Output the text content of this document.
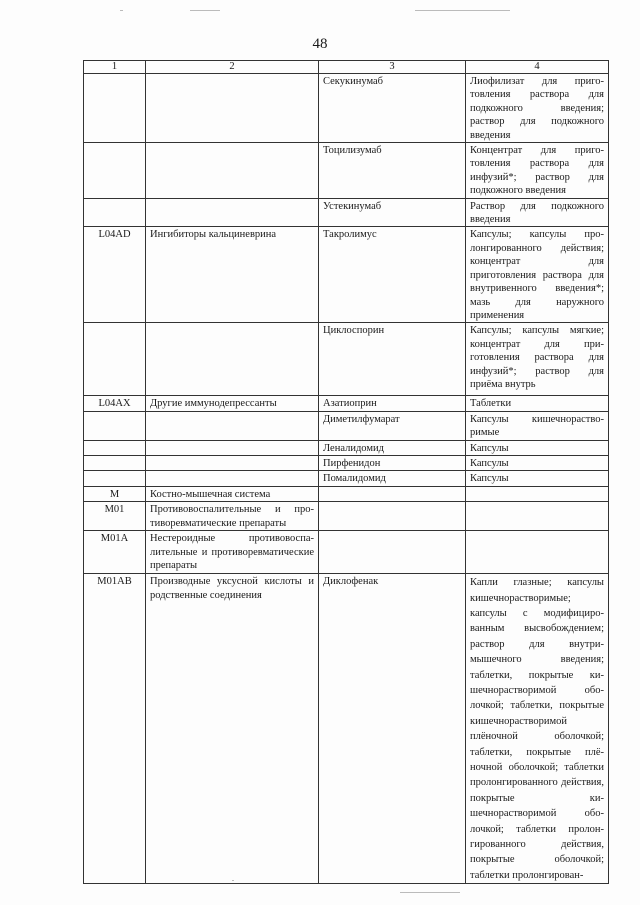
48
1	2	3	4
		Секукинумаб	Лиофилизат для приготовления раствора для подкожного введения; раствор для подкожного введения
		Тоцилизумаб	Концентрат для приготовления раствора для инфузий*; раствор для подкожного введения
		Устекинумаб	Раствор для подкожного введения
L04AD	Ингибиторы кальциневрина	Такролимус	Капсулы; капсулы пролонгированного действия; концентрат для приготовления раствора для внутривенного введения*; мазь для наружного применения
		Циклоспорин	Капсулы; капсулы мягкие; концентрат для приготовления раствора для инфузий*; раствор для приёма внутрь
L04AX	Другие иммунодепрессанты	Азатиоприн	Таблетки
		Диметилфумарат	Капсулы кишечнорастворимые
		Леналидомид	Капсулы
		Пирфенидон	Капсулы
		Помалидомид	Капсулы
M	Костно-мышечная система		
M01	Противовоспалительные и противоревматические препараты		
M01A	Нестероидные противовоспалительные и противоревматические препараты		
M01AB	Производные уксусной кислоты и родственные соединения	Диклофенак	Капли глазные; капсулы кишечнорастворимые; капсулы с модифицированным высвобождением; раствор для внутримышечного введения; таблетки, покрытые кишечнорастворимой оболочкой; таблетки, покрытые кишечнорастворимой плёночной оболочкой; таблетки, покрытые плёночной оболочкой; таблетки пролонгированного действия, покрытые кишечнорастворимой оболочкой; таблетки пролонгированного действия, покрытые оболочкой; таблетки пролонгирован-
